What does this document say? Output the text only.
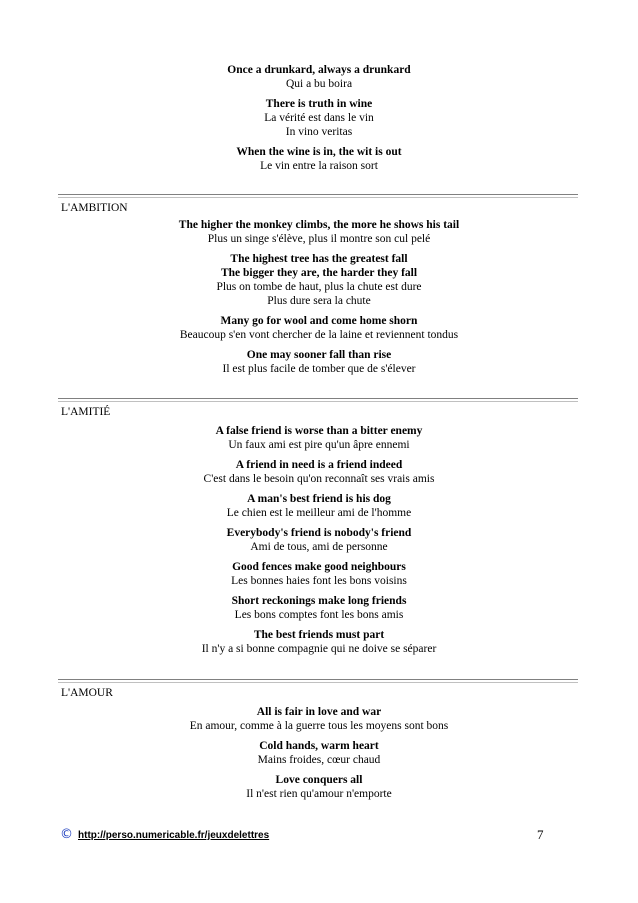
Once a drunkard, always a drunkard
Qui a bu boira
There is truth in wine
La vérité est dans le vin
In vino veritas
When the wine is in, the wit is out
Le vin entre la raison sort
L'AMBITION
The higher the monkey climbs, the more he shows his tail
Plus un singe s'élève, plus il montre son cul pelé
The highest tree has the greatest fall
The bigger they are, the harder they fall
Plus on tombe de haut, plus la chute est dure
Plus dure sera la chute
Many go for wool and come home shorn
Beaucoup s'en vont chercher de la laine et reviennent tondus
One may sooner fall than rise
Il est plus facile de tomber que de s'élever
L'AMITIÉ
A false friend is worse than a bitter enemy
Un faux ami est pire qu'un âpre ennemi
A friend in need is a friend indeed
C'est dans le besoin qu'on reconnaît ses vrais amis
A man's best friend is his dog
Le chien est le meilleur ami de l'homme
Everybody's friend is nobody's friend
Ami de tous, ami de personne
Good fences make good neighbours
Les bonnes haies font les bons voisins
Short reckonings make long friends
Les bons comptes font les bons amis
The best friends must part
Il n'y a si bonne compagnie qui ne doive se séparer
L'AMOUR
All is fair in love and war
En amour, comme à la guerre tous les moyens sont bons
Cold hands, warm heart
Mains froides, cœur chaud
Love conquers all
Il n'est rien qu'amour n'emporte
© http://perso.numericable.fr/jeuxdelettres	7
